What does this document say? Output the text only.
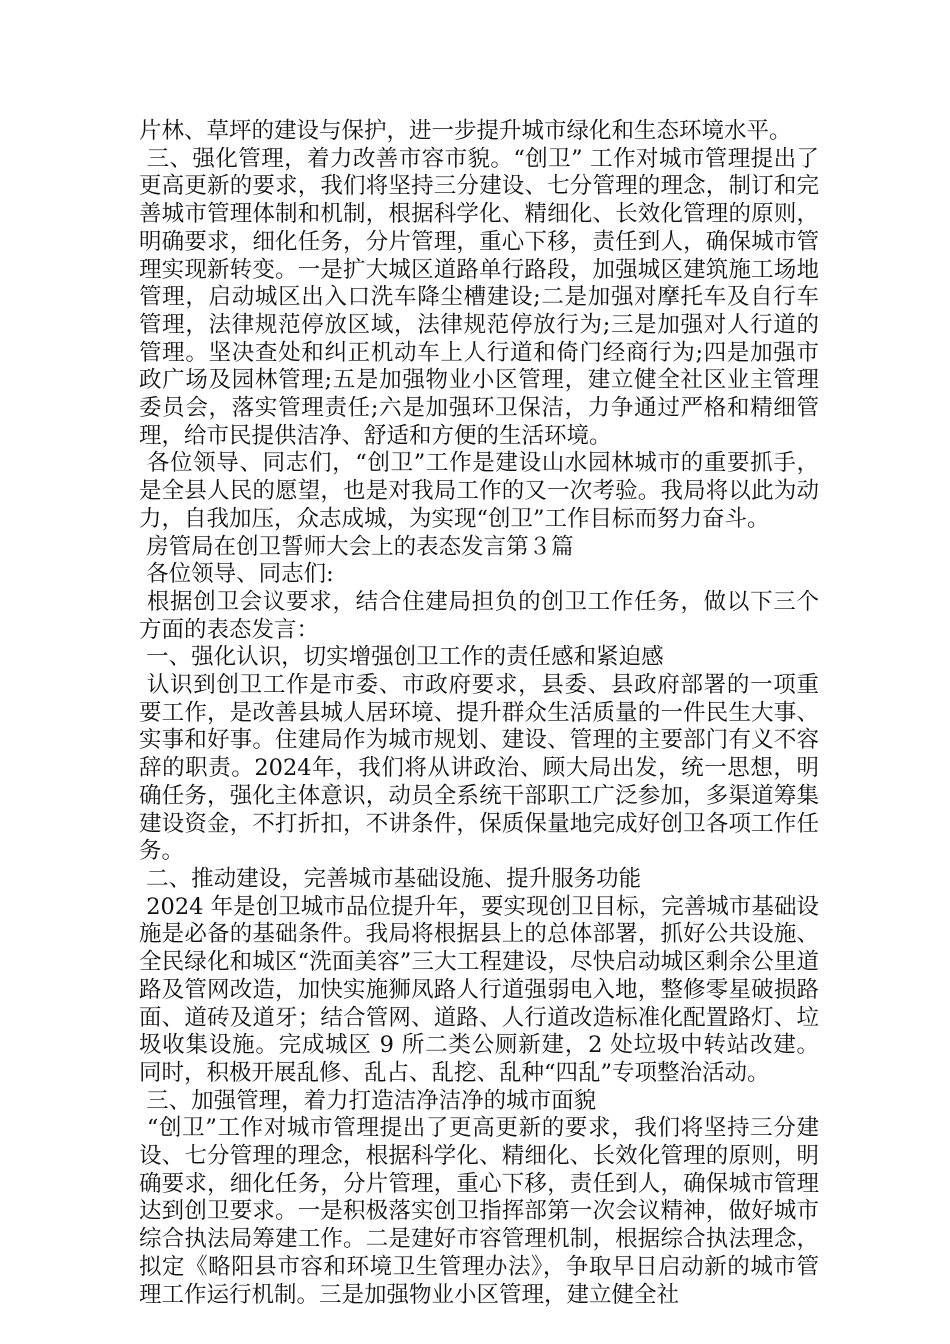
片林、草坪的建设与保护，进一步提升城市绿化和生态环境水平。

三、强化管理，着力改善市容市貌。“创卫” 工作对城市管理提出了更高更新的要求，我们将坚持三分建设、七分管理的理念，制订和完善城市管理体制和机制，根据科学化、精细化、长效化管理的原则，明确要求，细化任务，分片管理，重心下移，责任到人，确保城市管理实现新转变。一是扩大城区道路单行路段，加强城区建筑施工场地管理，启动城区出入口洗车降尘槽建设;二是加强对摩托车及自行车管理，法律规范停放区域，法律规范停放行为;三是加强对人行道的管理。坚决查处和纠正机动车上人行道和倚门经商行为;四是加强市政广场及园林管理;五是加强物业小区管理，建立健全社区业主管理委员会，落实管理责任;六是加强环卫保洁，力争通过严格和精细管理，给市民提供洁净、舒适和方便的生活环境。

各位领导、同志们，“创卫”工作是建设山水园林城市的重要抓手，是全县人民的愿望，也是对我局工作的又一次考验。我局将以此为动力，自我加压，众志成城，为实现“创卫”工作目标而努力奋斗。

房管局在创卫誓师大会上的表态发言第３篇

各位领导、同志们:

根据创卫会议要求，结合住建局担负的创卫工作任务，做以下三个方面的表态发言：

一、强化认识，切实增强创卫工作的责任感和紧迫感

认识到创卫工作是市委、市政府要求，县委、县政府部署的一项重要工作，是改善县城人居环境、提升群众生活质量的一件民生大事、实事和好事。住建局作为城市规划、建设、管理的主要部门有义不容辞的职责。2024年，我们将从讲政治、顾大局出发，统一思想，明确任务，强化主体意识，动员全系统干部职工广泛参加，多渠道筹集建设资金，不打折扣，不讲条件，保质保量地完成好创卫各项工作任务。

二、推动建设，完善城市基础设施、提升服务功能

2024 年是创卫城市品位提升年，要实现创卫目标，完善城市基础设施是必备的基础条件。我局将根据县上的总体部署，抓好公共设施、全民绿化和城区“洗面美容”三大工程建设，尽快启动城区剩余公里道路及管网改造，加快实施狮凤路人行道强弱电入地，整修零星破损路面、道砖及道牙；结合管网、道路、人行道改造标准化配置路灯、垃圾收集设施。完成城区 9 所二类公厕新建，2 处垃圾中转站改建。同时，积极开展乱修、乱占、乱挖、乱种“四乱”专项整治活动。

三、加强管理，着力打造洁净洁净的城市面貌

“创卫”工作对城市管理提出了更高更新的要求，我们将坚持三分建设、七分管理的理念，根据科学化、精细化、长效化管理的原则，明确要求，细化任务，分片管理，重心下移，责任到人，确保城市管理达到创卫要求。一是积极落实创卫指挥部第一次会议精神，做好城市综合执法局筹建工作。二是建好市容管理机制，根据综合执法理念，拟定《略阳县市容和环境卫生管理办法》，争取早日启动新的城市管理工作运行机制。三是加强物业小区管理，建立健全社
